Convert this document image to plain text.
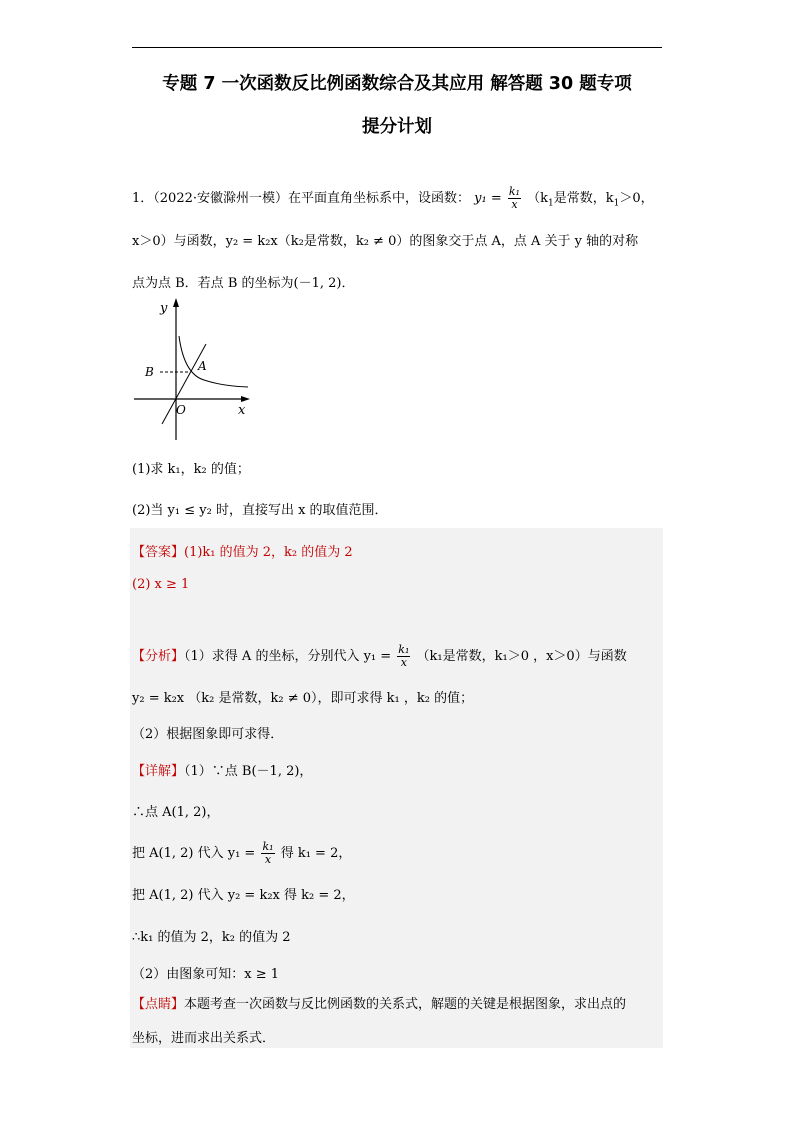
专题 7 一次函数反比例函数综合及其应用 解答题 30 题专项
提分计划
1．（2022·安徽滁州一模）在平面直角坐标系中，设函数： $y_1 = \frac{\text{k₁}}{x} (k_1$是常数，$k_1>0$，
x＞0）与函数，y₂ = k₂x（k₂是常数，k₂ ≠ 0）的图象交于点 A，点 A 关于 y 轴的对称
点为点 B．若点 B 的坐标为(－1, 2)．
y
x
O
A
B
(1)求 k₁，k₂ 的值；
(2)当 y₁ ≤ y₂ 时，直接写出 x 的取值范围．
【答案】(1)k₁ 的值为 2，k₂ 的值为 2
(2) x ≥ 1
【分析】（1）求得 A 的坐标，分别代入 $y_1 = \frac{\text{k₁}}{x} (k_1$是常数，k₁＞0 ，x＞0）与函数
y₂ = k₂x （k₂ 是常数，k₂ ≠ 0），即可求得 k₁ ，k₂ 的值；
（2）根据图象即可求得．
【详解】（1）∵点 B(－1, 2)，
∴点 A(1, 2)，
把 A(1, 2) 代入 $y_1 = \frac{\text{k₁}}{x}$ 得 k₁ = 2，
把 A(1, 2) 代入 y₂ = k₂x 得 k₂ = 2，
∴k₁ 的值为 2，k₂ 的值为 2
（2）由图象可知：x ≥ 1
【点睛】本题考查一次函数与反比例函数的关系式，解题的关键是根据图象，求出点的
坐标，进而求出关系式．
